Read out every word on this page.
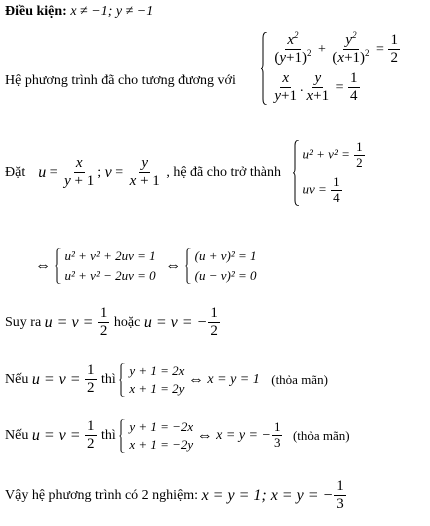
Điều kiện: x ≠ −1; y ≠ −1
Hệ phương trình đã cho tương đương với
$\frac{x^2}{(y+1)^2} + \frac{y^2}{(x+1)^2} = \frac{1}{2}$
$\frac{x}{y+1}$ . $\frac{y}{x+1} = \frac{1}{4}$
Đặt $u = \frac{x}{y + 1}$ ; $v = \frac{y}{x + 1}$ , hệ đã cho trở thành
$u^2 + v^2 = \frac{1}{2}$
uv = $\frac{1}{4}$
⇔
u² + v² + 2uv = 1
u² + v² − 2uv = 0
⇔
(u + v)² = 1
(u − v)² = 0
Suy ra $u = v = \frac{1}{2}$ hoặc u = v = − $\frac{1}{2}$
Nếu $u = v = \frac{1}{2}$ thì
y + 1 = 2x
x + 1 = 2y
⇔ x = y = 1 (thỏa mãn)
Nếu $u = v = \frac{1}{2}$ thì
y + 1 = −2x
x + 1 = −2y
⇔ x = y = − $\frac{1}{3}$ (thỏa mãn)
Vậy hệ phương trình có 2 nghiệm: x = y = 1; x = y = − $\frac{1}{3}$
